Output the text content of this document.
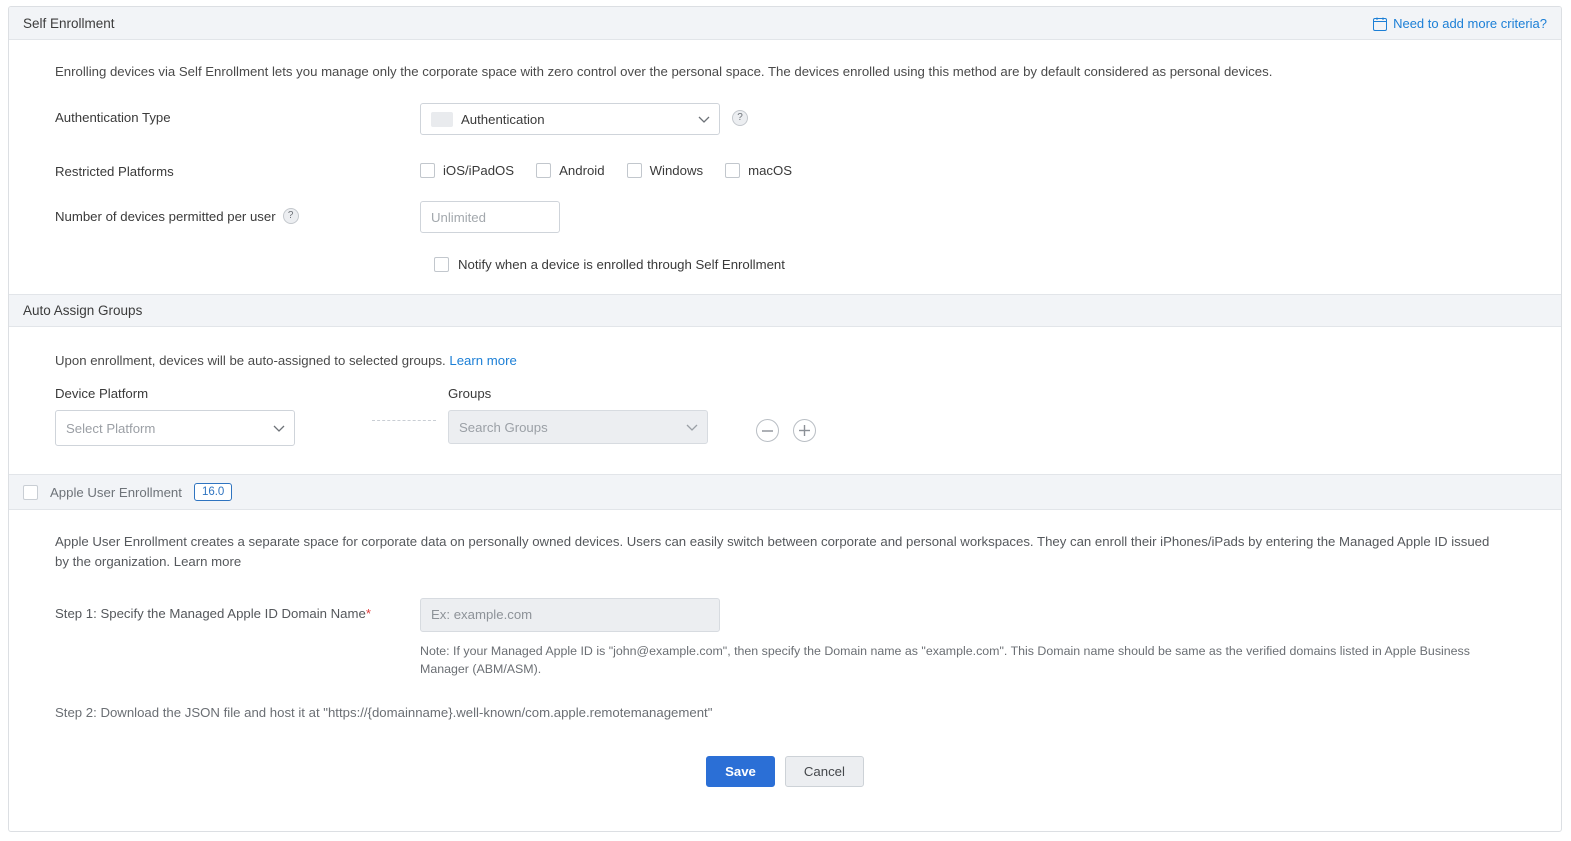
Self Enrollment	Need to add more criteria?
Enrolling devices via Self Enrollment lets you manage only the corporate space with zero control over the personal space. The devices enrolled using this method are by default considered as personal devices.
Authentication Type	Authentication	?
Restricted Platforms	iOS/iPadOS	Android	Windows	macOS
Number of devices permitted per user	?
Unlimited
Notify when a device is enrolled through Self Enrollment
Auto Assign Groups
Upon enrollment, devices will be auto-assigned to selected groups. Learn more
Device Platform
Select Platform
Groups
Search Groups
Apple User Enrollment	16.0
Apple User Enrollment creates a separate space for corporate data on personally owned devices. Users can easily switch between corporate and personal workspaces. They can enroll their iPhones/iPads by entering the Managed Apple ID issued by the organization. Learn more
Step 1: Specify the Managed Apple ID Domain Name*
Ex: example.com
Note: If your Managed Apple ID is "john@example.com", then specify the Domain name as "example.com". This Domain name should be same as the verified domains listed in Apple Business Manager (ABM/ASM).
Step 2: Download the JSON file and host it at "https://{domainname}.well-known/com.apple.remotemanagement"
Save	Cancel
